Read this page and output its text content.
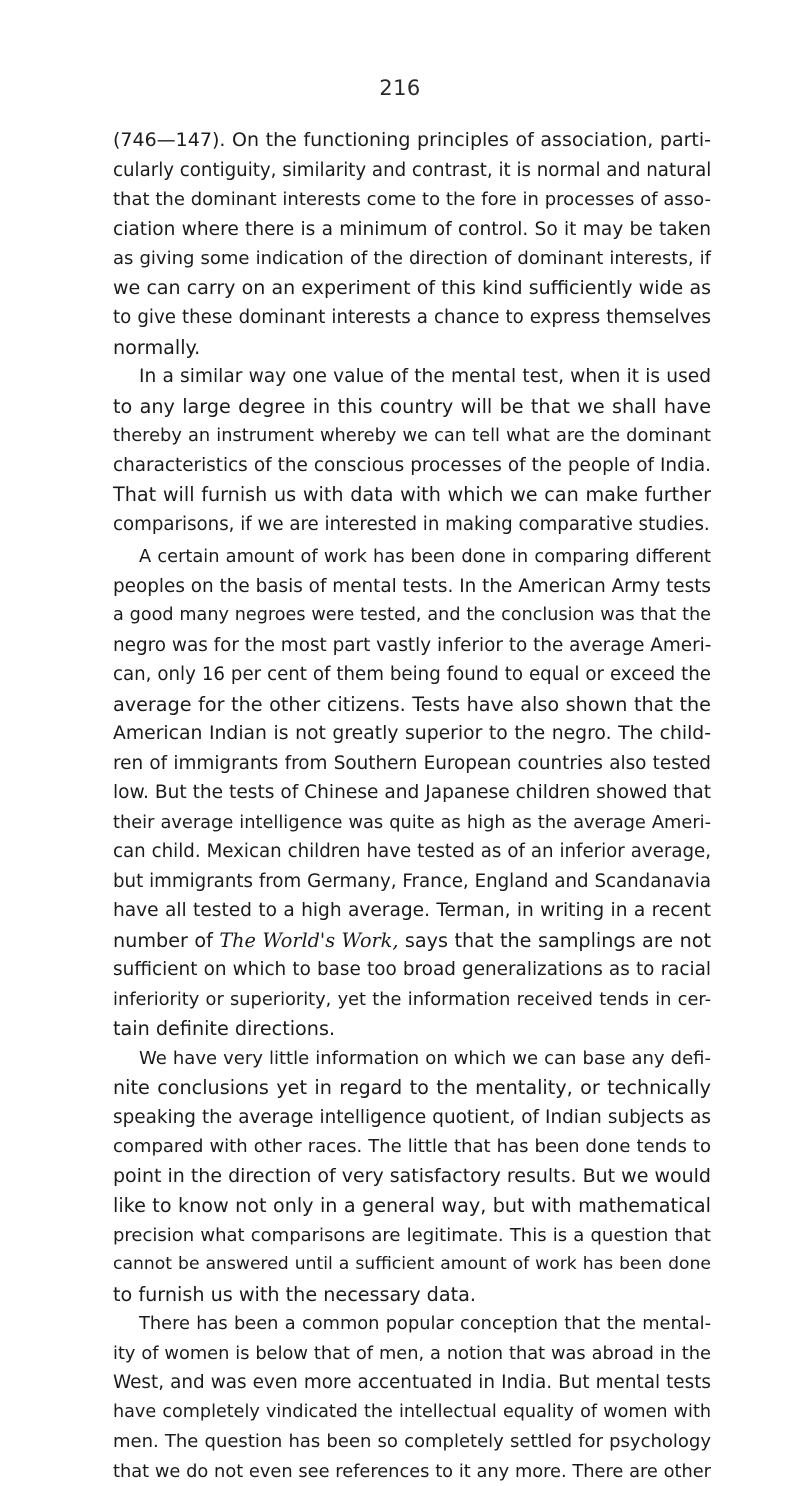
216
(746—147). On the functioning principles of association, parti-
cularly contiguity, similarity and contrast, it is normal and natural
that the dominant interests come to the fore in processes of asso-
ciation where there is a minimum of control. So it may be taken
as giving some indication of the direction of dominant interests, if
we can carry on an experiment of this kind sufficiently wide as
to give these dominant interests a chance to express themselves
normally.
In a similar way one value of the mental test, when it is used
to any large degree in this country will be that we shall have
thereby an instrument whereby we can tell what are the dominant
characteristics of the conscious processes of the people of India.
That will furnish us with data with which we can make further
comparisons, if we are interested in making comparative studies.
A certain amount of work has been done in comparing different
peoples on the basis of mental tests. In the American Army tests
a good many negroes were tested, and the conclusion was that the
negro was for the most part vastly inferior to the average Ameri-
can, only 16 per cent of them being found to equal or exceed the
average for the other citizens. Tests have also shown that the
American Indian is not greatly superior to the negro. The child-
ren of immigrants from Southern European countries also tested
low. But the tests of Chinese and Japanese children showed that
their average intelligence was quite as high as the average Ameri-
can child. Mexican children have tested as of an inferior average,
but immigrants from Germany, France, England and Scandanavia
have all tested to a high average. Terman, in writing in a recent
number of The World's Work, says that the samplings are not
sufficient on which to base too broad generalizations as to racial
inferiority or superiority, yet the information received tends in cer-
tain definite directions.
We have very little information on which we can base any defi-
nite conclusions yet in regard to the mentality, or technically
speaking the average intelligence quotient, of Indian subjects as
compared with other races. The little that has been done tends to
point in the direction of very satisfactory results. But we would
like to know not only in a general way, but with mathematical
precision what comparisons are legitimate. This is a question that
cannot be answered until a sufficient amount of work has been done
to furnish us with the necessary data.
There has been a common popular conception that the mental-
ity of women is below that of men, a notion that was abroad in the
West, and was even more accentuated in India. But mental tests
have completely vindicated the intellectual equality of women with
men. The question has been so completely settled for psychology
that we do not even see references to it any more. There are other
